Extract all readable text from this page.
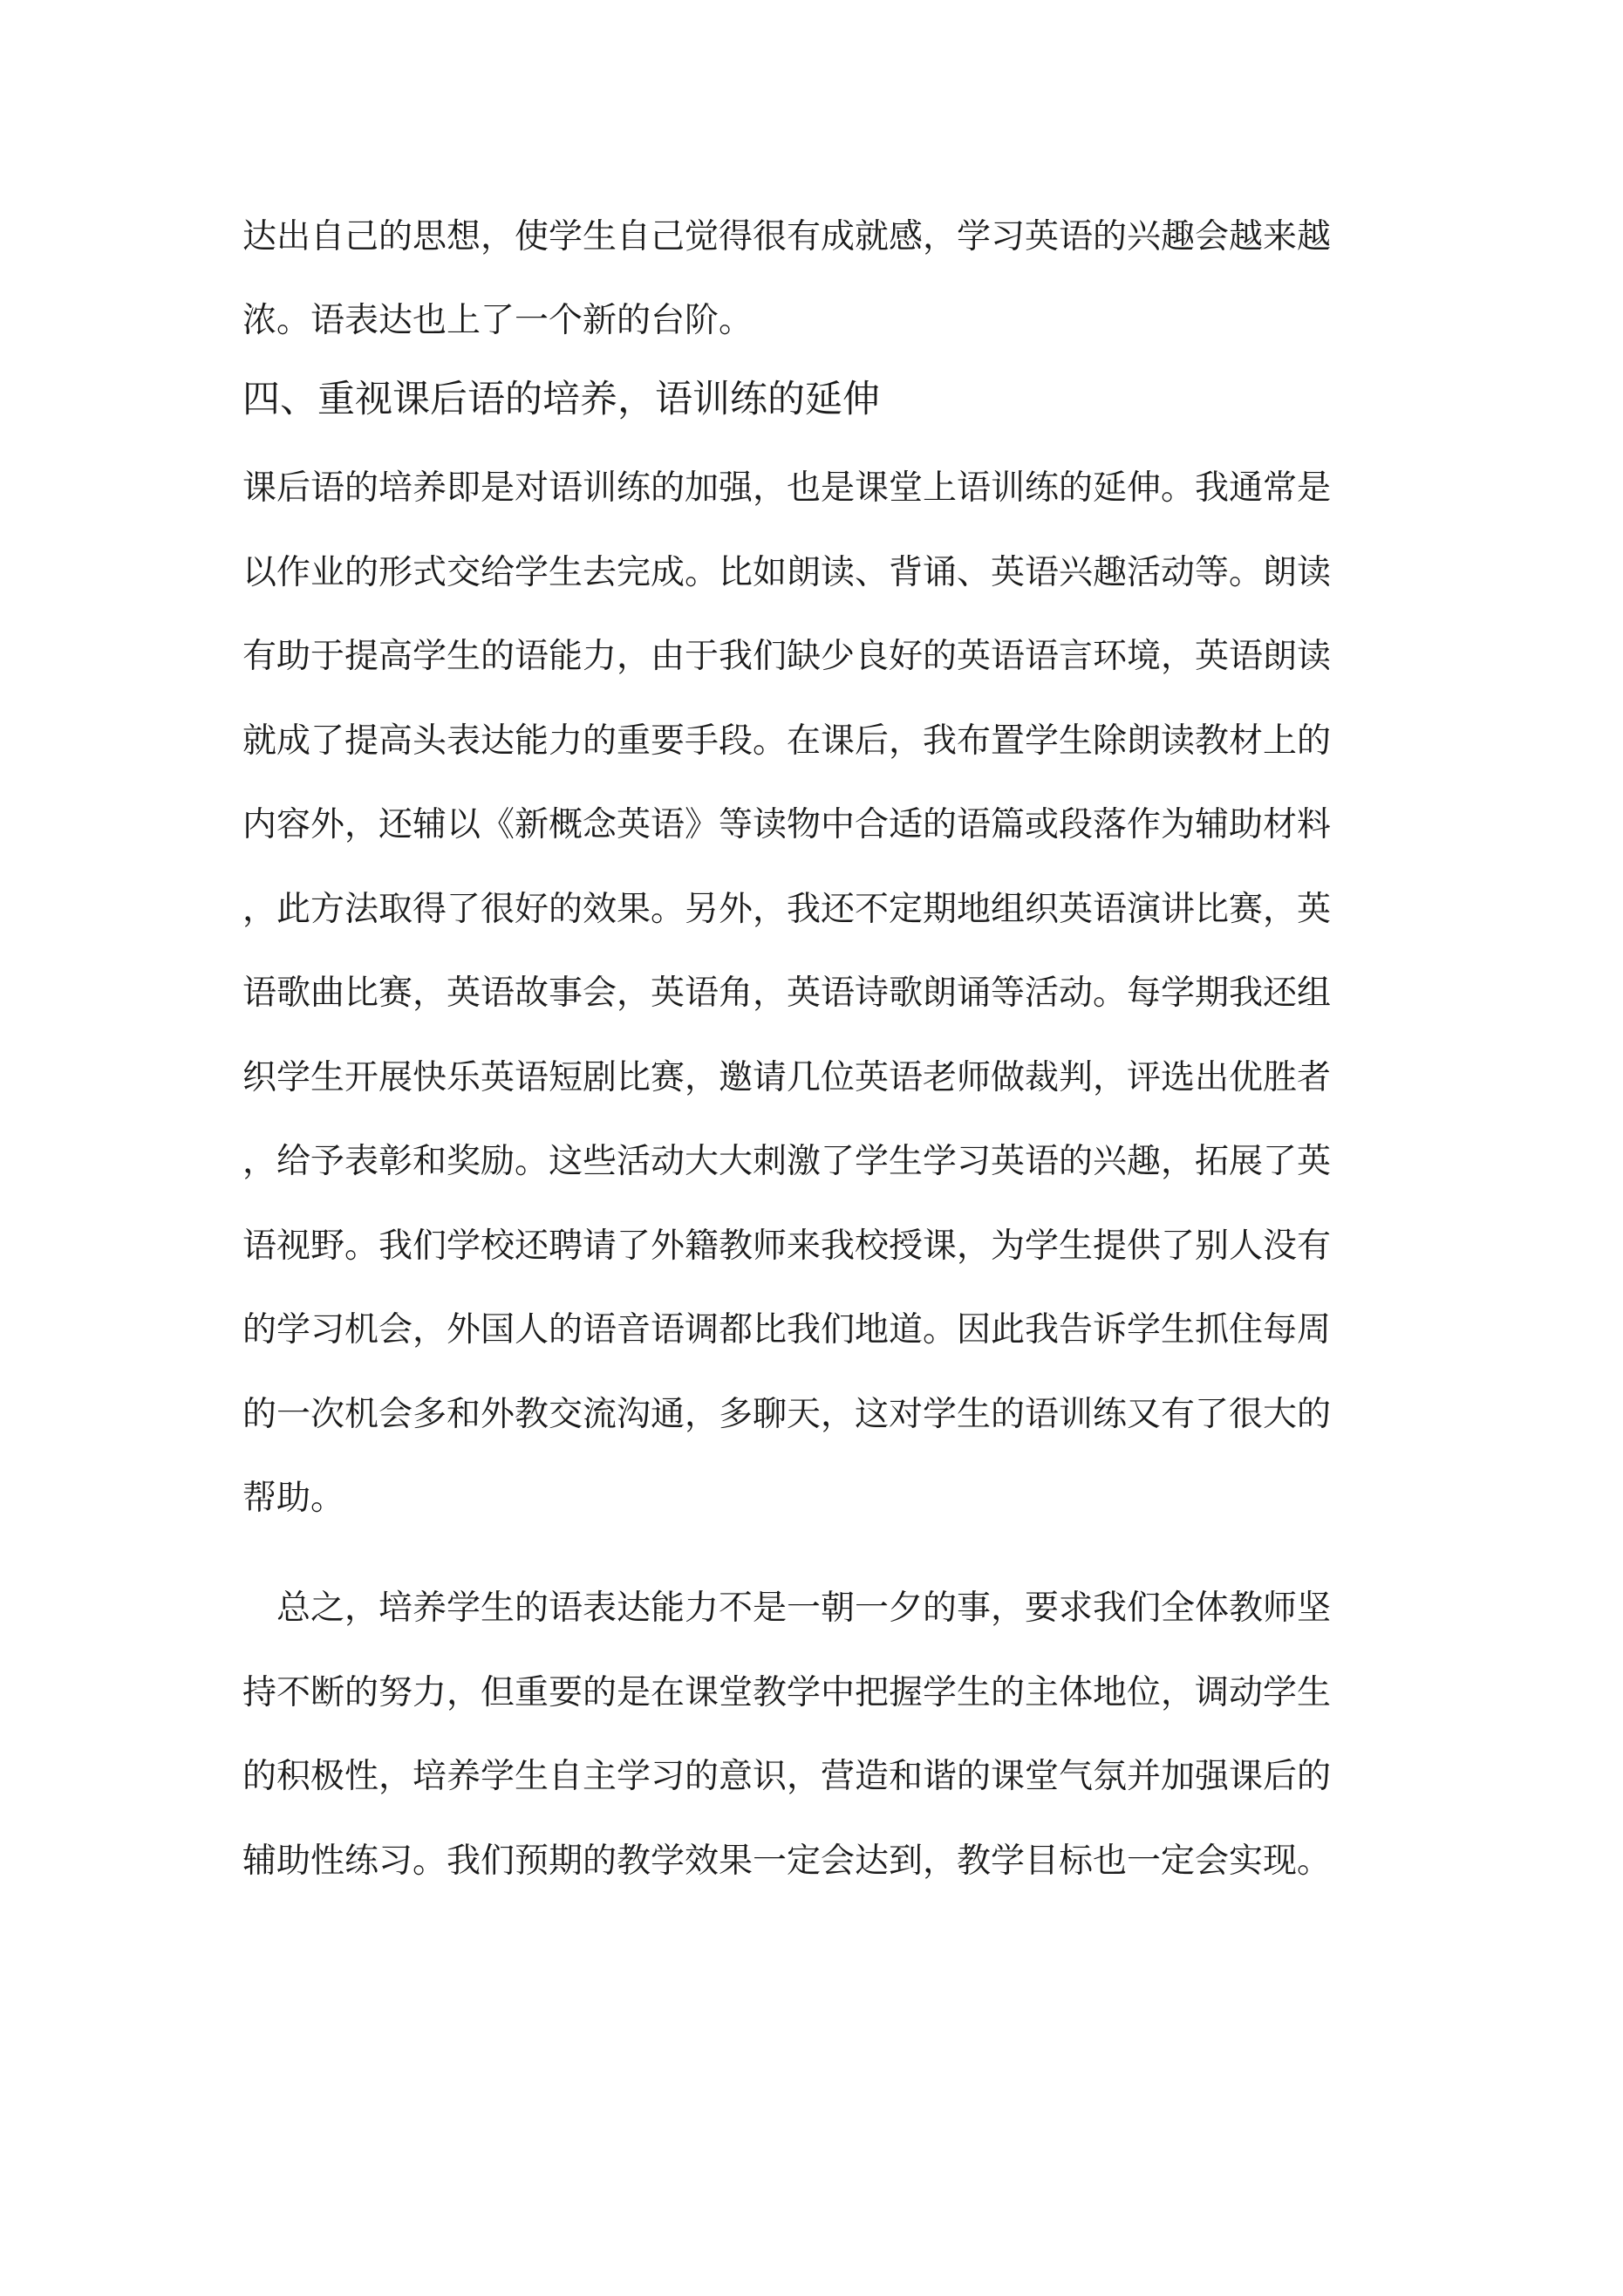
达出自己的思想，使学生自己觉得很有成就感，学习英语的兴趣会越来越
浓。语表达也上了一个新的台阶。
四、重视课后语的培养，语训练的延伸
课后语的培养即是对语训练的加强，也是课堂上语训练的延伸。我通常是
以作业的形式交给学生去完成。比如朗读、背诵、英语兴趣活动等。朗读
有助于提高学生的语能力，由于我们缺少良好的英语语言环境，英语朗读
就成了提高头表达能力的重要手段。在课后，我布置学生除朗读教材上的
内容外，还辅以《新概念英语》等读物中合适的语篇或段落作为辅助材料
，此方法取得了很好的效果。另外，我还不定期地组织英语演讲比赛，英
语歌曲比赛，英语故事会，英语角，英语诗歌朗诵等活动。每学期我还组
织学生开展快乐英语短剧比赛，邀请几位英语老师做裁判，评选出优胜者
，给予表彰和奖励。这些活动大大刺激了学生学习英语的兴趣，拓展了英
语视野。我们学校还聘请了外籍教师来我校授课，为学生提供了别人没有
的学习机会，外国人的语音语调都比我们地道。因此我告诉学生抓住每周
的一次机会多和外教交流沟通，多聊天，这对学生的语训练又有了很大的
帮助。
　总之，培养学生的语表达能力不是一朝一夕的事，要求我们全体教师坚
持不断的努力，但重要的是在课堂教学中把握学生的主体地位，调动学生
的积极性，培养学生自主学习的意识，营造和谐的课堂气氛并加强课后的
辅助性练习。我们预期的教学效果一定会达到，教学目标也一定会实现。
